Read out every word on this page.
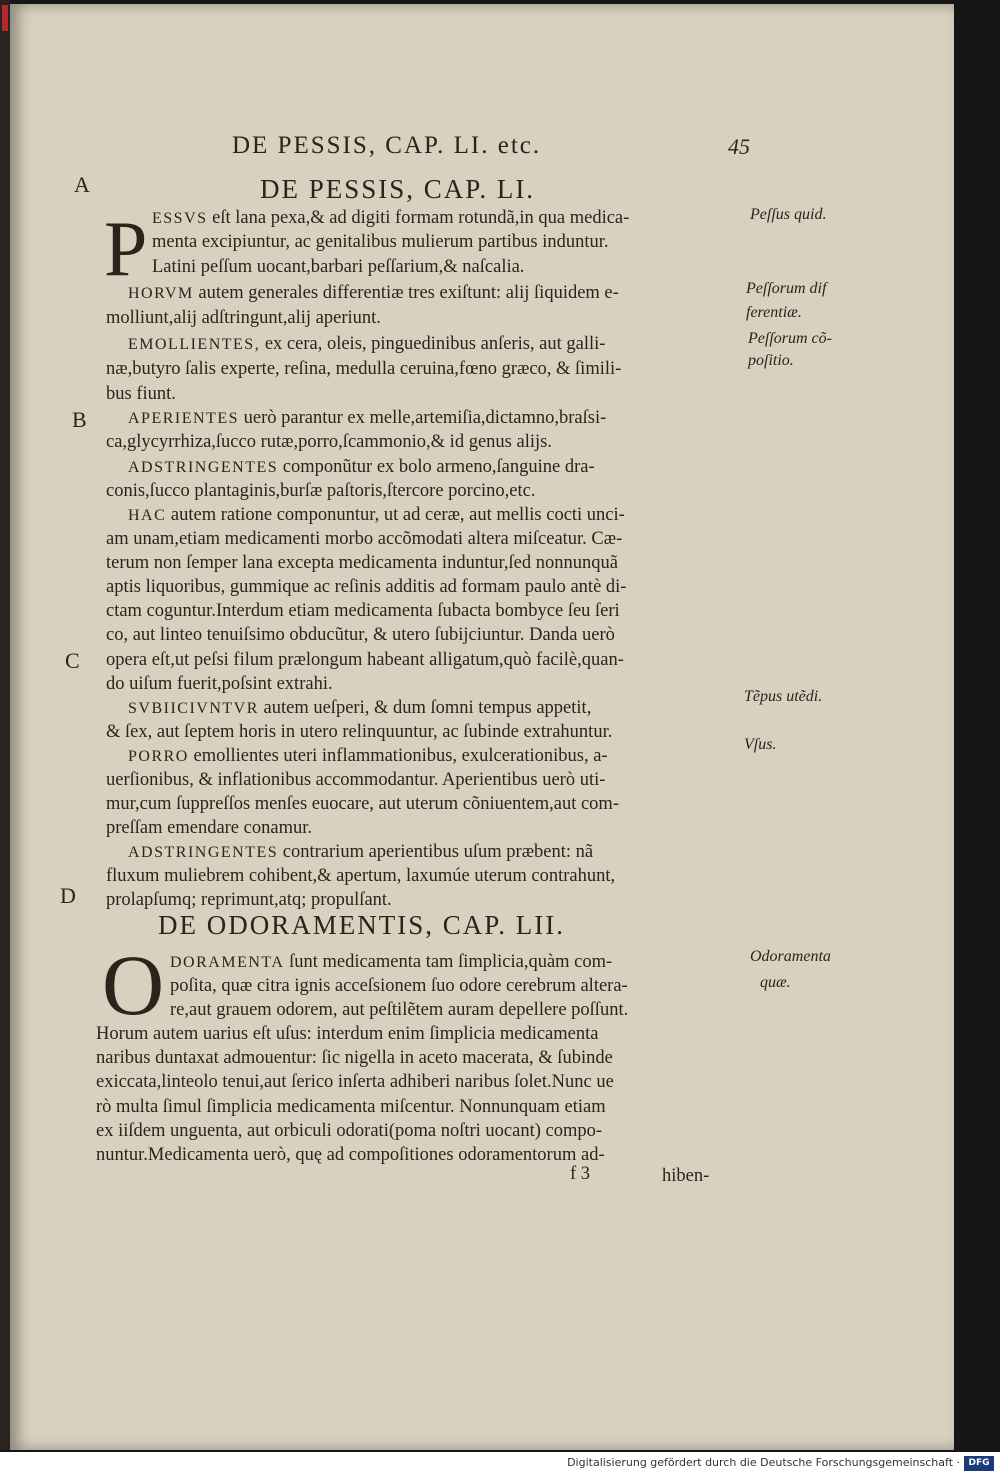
DE PESSIS, CAP. LI. etc.	45
A	DE PESSIS, CAP. LI.
P ESSVS eſt lana pexa,& ad digiti formam rotundã,in qua medica-
menta excipiuntur, ac genitalibus mulierum partibus induntur.
Latini peſſum uocant,barbari peſſarium,& naſcalia.
HORVM autem generales differentiæ tres exiſtunt: alij ſiquidem e-
molliunt,alij adſtringunt,alij aperiunt.
EMOLLIENTES, ex cera, oleis, pinguedinibus anſeris, aut galli-
næ,butyro ſalis experte, reſina, medulla ceruina,fœno græco, & ſimili-
bus fiunt.
APERIENTES uerò parantur ex melle,artemiſia,dictamno,braſsi-
ca,glycyrrhiza,ſucco rutæ,porro,ſcammonio,& id genus alijs.
ADSTRINGENTES componũtur ex bolo armeno,ſanguine dra-
conis,ſucco plantaginis,burſæ paſtoris,ſtercore porcino,etc.
HAC autem ratione componuntur, ut ad ceræ, aut mellis cocti unci-
am unam,etiam medicamenti morbo accõmodati altera miſceatur. Cæ-
terum non ſemper lana excepta medicamenta induntur,ſed nonnunquã
aptis liquoribus, gummique ac reſinis additis ad formam paulo antè di-
ctam coguntur.Interdum etiam medicamenta ſubacta bombyce ſeu ſeri
co, aut linteo tenuiſsimo obducũtur, & utero ſubijciuntur. Danda uerò
opera eſt,ut peſsi filum prælongum habeant alligatum,quò facilè,quan-
do uiſum fuerit,poſsint extrahi.
SVBIICIVNTVR autem ueſperi, & dum ſomni tempus appetit,
& ſex, aut ſeptem horis in utero relinquuntur, ac ſubinde extrahuntur.
PORRO emollientes uteri inflammationibus, exulcerationibus, a-
uerſionibus, & inflationibus accommodantur. Aperientibus uerò uti-
mur,cum ſuppreſſos menſes euocare, aut uterum cõniuentem,aut com-
preſſam emendare conamur.
ADSTRINGENTES contrarium aperientibus uſum præbent: nã
fluxum muliebrem cohibent,& apertum, laxumúe uterum contrahunt,
prolapſumq; reprimunt,atq; propulſant.
B
C
D
DE ODORAMENTIS, CAP. LII.
O DORAMENTA ſunt medicamenta tam ſimplicia,quàm com-
poſita, quæ citra ignis acceſsionem ſuo odore cerebrum altera-
re,aut grauem odorem, aut peſtilẽtem auram depellere poſſunt.
Horum autem uarius eſt uſus: interdum enim ſimplicia medicamenta
naribus duntaxat admouentur: ſic nigella in aceto macerata, & ſubinde
exiccata,linteolo tenui,aut ſerico inſerta adhiberi naribus ſolet.Nunc ue
rò multa ſimul ſimplicia medicamenta miſcentur. Nonnunquam etiam
ex iiſdem unguenta, aut orbiculi odorati(poma noſtri uocant) compo-
nuntur.Medicamenta uerò, quę ad compoſitiones odoramentorum ad-
Peſſus quid.
Peſſorum dif
ferentiæ.
Peſſorum cõ-
poſitio.
Tẽpus utẽdi.
Vſus.
Odoramenta
quæ.
f 3	hiben-
Digitalisierung gefördert durch die Deutsche Forschungsgemeinschaft · DFG
